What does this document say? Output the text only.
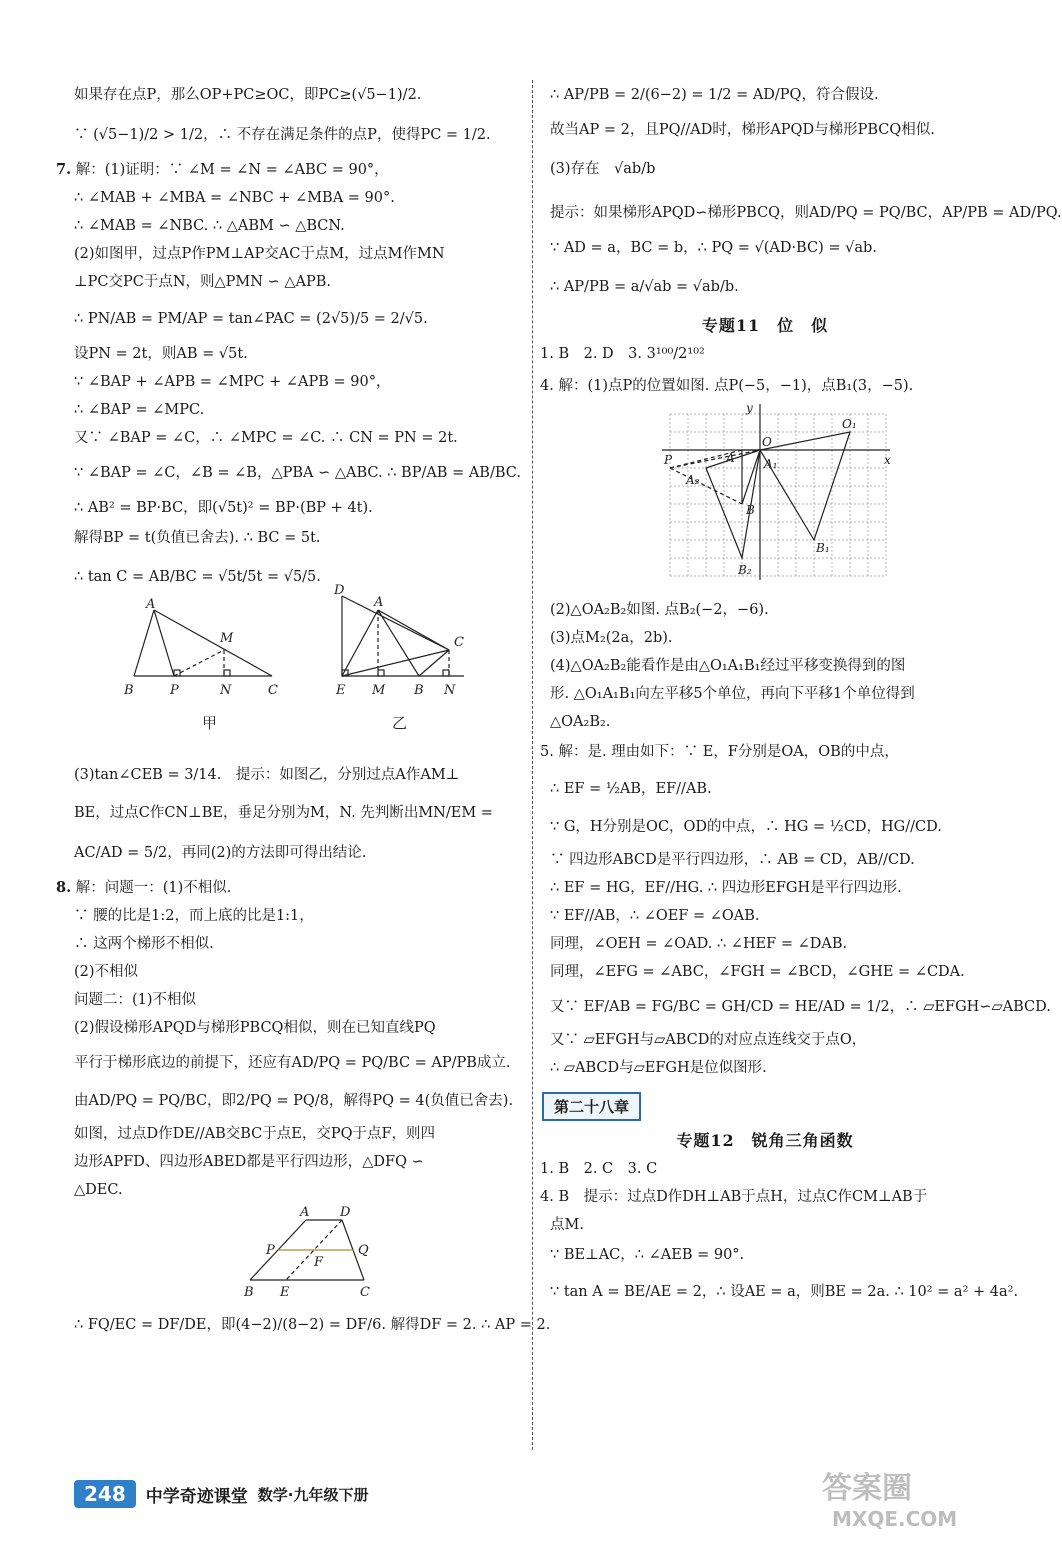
如果存在点P，那么OP+PC≥OC，即PC≥(√5−1)/2.
∵ (√5−1)/2 > 1/2，∴ 不存在满足条件的点P，使得PC = 1/2.
7. 解：(1)证明：∵ ∠M = ∠N = ∠ABC = 90°，
∴ ∠MAB + ∠MBA = ∠NBC + ∠MBA = 90°.
∴ ∠MAB = ∠NBC. ∴ △ABM ∽ △BCN.
(2)如图甲，过点P作PM⊥AP交AC于点M，过点M作MN
⊥PC交PC于点N，则△PMN ∽ △APB.
∴ PN/AB = PM/AP = tan∠PAC = (2√5)/5 = 2/√5.
设PN = 2t，则AB = √5t.
∵ ∠BAP + ∠APB = ∠MPC + ∠APB = 90°，
∴ ∠BAP = ∠MPC.
又∵ ∠BAP = ∠C，∴ ∠MPC = ∠C. ∴ CN = PN = 2t.
∵ ∠BAP = ∠C，∠B = ∠B，△PBA ∽ △ABC. ∴ BP/AB = AB/BC.
∴ AB² = BP·BC，即(√5t)² = BP·(BP + 4t).
解得BP = t(负值已舍去). ∴ BC = 5t.
∴ tan C = AB/BC = √5t/5t = √5/5.
A
M
B	P	N	C
D
A
C
E M B N
甲	乙
(3)tan∠CEB = 3/14.　提示：如图乙，分别过点A作AM⊥
BE，过点C作CN⊥BE，垂足分别为M，N. 先判断出MN/EM =
AC/AD = 5/2，再同(2)的方法即可得出结论.
8. 解：问题一：(1)不相似.
∵ 腰的比是1:2，而上底的比是1:1，
∴ 这两个梯形不相似.
(2)不相似
问题二：(1)不相似
(2)假设梯形APQD与梯形PBCQ相似，则在已知直线PQ
平行于梯形底边的前提下，还应有AD/PQ = PQ/BC = AP/PB成立.
由AD/PQ = PQ/BC，即2/PQ = PQ/8，解得PQ = 4(负值已舍去).
如图，过点D作DE//AB交BC于点E，交PQ于点F，则四
边形APFD、四边形ABED都是平行四边形，△DFQ ∽
△DEC.
A D
P	Q
F
B E	C
∴ FQ/EC = DF/DE，即(4−2)/(8−2) = DF/6. 解得DF = 2. ∴ AP = 2.
∴ AP/PB = 2/(6−2) = 1/2 = AD/PQ，符合假设.
故当AP = 2，且PQ//AD时，梯形APQD与梯形PBCQ相似.
(3)存在　√ab/b
提示：如果梯形APQD∽梯形PBCQ，则AD/PQ = PQ/BC，AP/PB = AD/PQ.
∵ AD = a，BC = b，∴ PQ = √(AD·BC) = √ab.
∴ AP/PB = a/√ab = √ab/b.
专题11　位　似
1. B　2. D　3. 3¹⁰⁰/2¹⁰²
4. 解：(1)点P的位置如图. 点P(−5，−1)，点B₁(3，−5).
y
x
O
O₁
P	A A₁
A₂
B
B₁
B₂
(2)△OA₂B₂如图. 点B₂(−2，−6).
(3)点M₂(2a，2b).
(4)△OA₂B₂能看作是由△O₁A₁B₁经过平移变换得到的图
形. △O₁A₁B₁向左平移5个单位，再向下平移1个单位得到
△OA₂B₂.
5. 解：是. 理由如下：∵ E，F分别是OA，OB的中点，
∴ EF = ½AB，EF//AB.
∵ G，H分别是OC，OD的中点，∴ HG = ½CD，HG//CD.
∵ 四边形ABCD是平行四边形，∴ AB = CD，AB//CD.
∴ EF = HG，EF//HG. ∴ 四边形EFGH是平行四边形.
∵ EF//AB，∴ ∠OEF = ∠OAB.
同理，∠OEH = ∠OAD. ∴ ∠HEF = ∠DAB.
同理，∠EFG = ∠ABC，∠FGH = ∠BCD，∠GHE = ∠CDA.
又∵ EF/AB = FG/BC = GH/CD = HE/AD = 1/2，∴ ▱EFGH∽▱ABCD.
又∵ ▱EFGH与▱ABCD的对应点连线交于点O，
∴ ▱ABCD与▱EFGH是位似图形.
第二十八章
专题12　锐角三角函数
1. B　2. C　3. C
4. B　提示：过点D作DH⊥AB于点H，过点C作CM⊥AB于
点M.
∵ BE⊥AC，∴ ∠AEB = 90°.
∵ tan A = BE/AE = 2，∴ 设AE = a，则BE = 2a. ∴ 10² = a² + 4a².
248	中学奇迹课堂 数学·九年级下册	答案圈
MXQE.COM
